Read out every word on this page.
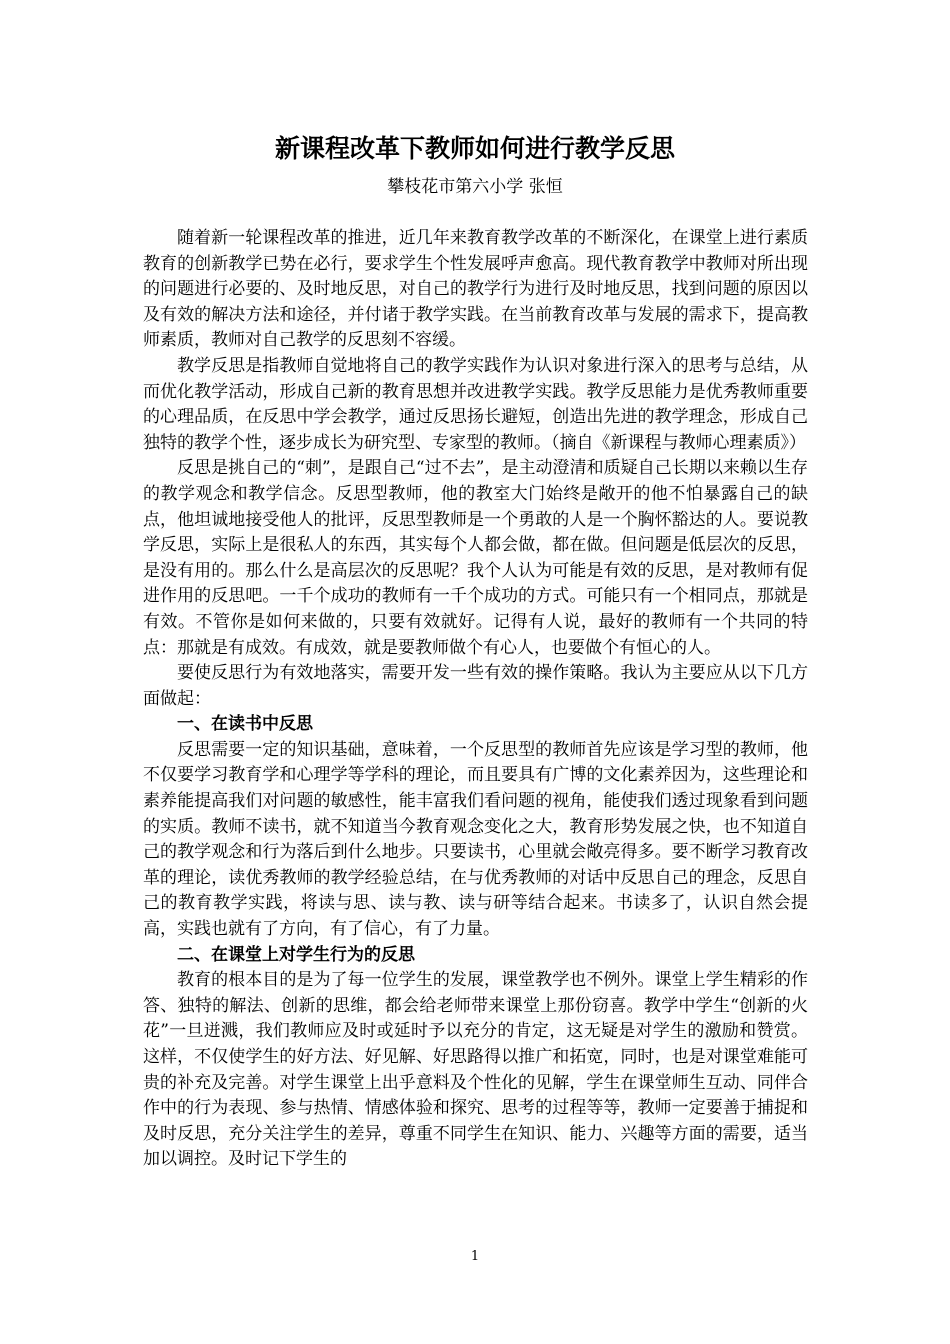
新课程改革下教师如何进行教学反思
攀枝花市第六小学 张恒

随着新一轮课程改革的推进，近几年来教育教学改革的不断深化，在课堂上进行素质教育的创新教学已势在必行，要求学生个性发展呼声愈高。现代教育教学中教师对所出现的问题进行必要的、及时地反思，对自己的教学行为进行及时地反思，找到问题的原因以及有效的解决方法和途径，并付诸于教学实践。在当前教育改革与发展的需求下，提高教师素质，教师对自己教学的反思刻不容缓。

教学反思是指教师自觉地将自己的教学实践作为认识对象进行深入的思考与总结，从而优化教学活动，形成自己新的教育思想并改进教学实践。教学反思能力是优秀教师重要的心理品质，在反思中学会教学，通过反思扬长避短，创造出先进的教学理念，形成自己独特的教学个性，逐步成长为研究型、专家型的教师。（摘自《新课程与教师心理素质》）

反思是挑自己的“刺”，是跟自己“过不去”，是主动澄清和质疑自己长期以来赖以生存的教学观念和教学信念。反思型教师，他的教室大门始终是敞开的他不怕暴露自己的缺点，他坦诚地接受他人的批评，反思型教师是一个勇敢的人是一个胸怀豁达的人。要说教学反思，实际上是很私人的东西，其实每个人都会做，都在做。但问题是低层次的反思，是没有用的。那么什么是高层次的反思呢？我个人认为可能是有效的反思，是对教师有促进作用的反思吧。一千个成功的教师有一千个成功的方式。可能只有一个相同点，那就是有效。不管你是如何来做的，只要有效就好。记得有人说，最好的教师有一个共同的特点：那就是有成效。有成效，就是要教师做个有心人，也要做个有恒心的人。

要使反思行为有效地落实，需要开发一些有效的操作策略。我认为主要应从以下几方面做起：

一、在读书中反思

反思需要一定的知识基础，意味着，一个反思型的教师首先应该是学习型的教师，他不仅要学习教育学和心理学等学科的理论，而且要具有广博的文化素养因为，这些理论和素养能提高我们对问题的敏感性，能丰富我们看问题的视角，能使我们透过现象看到问题的实质。教师不读书，就不知道当今教育观念变化之大，教育形势发展之快，也不知道自己的教学观念和行为落后到什么地步。只要读书，心里就会敞亮得多。要不断学习教育改革的理论，读优秀教师的教学经验总结，在与优秀教师的对话中反思自己的理念，反思自己的教育教学实践，将读与思、读与教、读与研等结合起来。书读多了，认识自然会提高，实践也就有了方向，有了信心，有了力量。

二、在课堂上对学生行为的反思

教育的根本目的是为了每一位学生的发展，课堂教学也不例外。课堂上学生精彩的作答、独特的解法、创新的思维，都会给老师带来课堂上那份窃喜。教学中学生“创新的火花”一旦迸溅，我们教师应及时或延时予以充分的肯定，这无疑是对学生的激励和赞赏。这样，不仅使学生的好方法、好见解、好思路得以推广和拓宽，同时，也是对课堂难能可贵的补充及完善。对学生课堂上出乎意料及个性化的见解，学生在课堂师生互动、同伴合作中的行为表现、参与热情、情感体验和探究、思考的过程等等，教师一定要善于捕捉和及时反思，充分关注学生的差异，尊重不同学生在知识、能力、兴趣等方面的需要，适当加以调控。及时记下学生的

1
